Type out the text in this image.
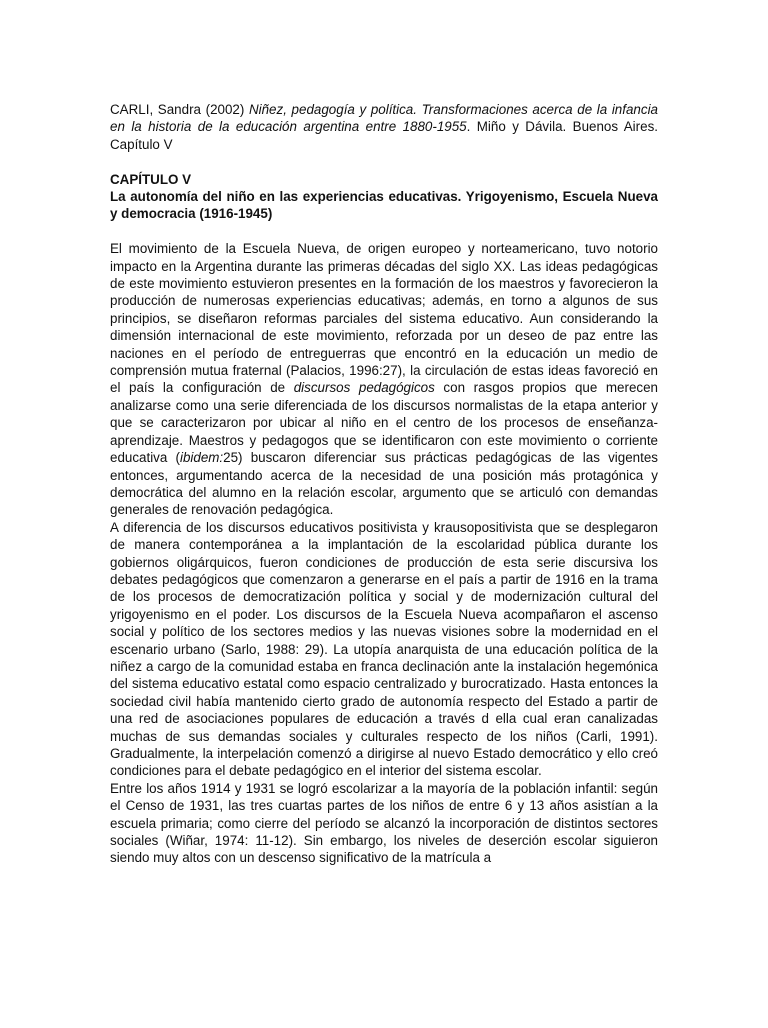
CARLI, Sandra (2002) Niñez, pedagogía y política. Transformaciones acerca de la infancia en la historia de la educación argentina entre 1880-1955. Miño y Dávila. Buenos Aires. Capítulo V

CAPÍTULO V

La autonomía del niño en las experiencias educativas. Yrigoyenismo, Escuela Nueva y democracia (1916-1945)

El movimiento de la Escuela Nueva, de origen europeo y norteamericano, tuvo notorio impacto en la Argentina durante las primeras décadas del siglo XX. Las ideas pedagógicas de este movimiento estuvieron presentes en la formación de los maestros y favorecieron la producción de numerosas experiencias educativas; además, en torno a algunos de sus principios, se diseñaron reformas parciales del sistema educativo. Aun considerando la dimensión internacional de este movimiento, reforzada por un deseo de paz entre las naciones en el período de entreguerras que encontró en la educación un medio de comprensión mutua fraternal (Palacios, 1996:27), la circulación de estas ideas favoreció en el país la configuración de discursos pedagógicos con rasgos propios que merecen analizarse como una serie diferenciada de los discursos normalistas de la etapa anterior y que se caracterizaron por ubicar al niño en el centro de los procesos de enseñanza-aprendizaje. Maestros y pedagogos que se identificaron con este movimiento o corriente educativa (ibidem:25) buscaron diferenciar sus prácticas pedagógicas de las vigentes entonces, argumentando acerca de la necesidad de una posición más protagónica y democrática del alumno en la relación escolar, argumento que se articuló con demandas generales de renovación pedagógica.

A diferencia de los discursos educativos positivista y krausopositivista que se desplegaron de manera contemporánea a la implantación de la escolaridad pública durante los gobiernos oligárquicos, fueron condiciones de producción de esta serie discursiva los debates pedagógicos que comenzaron a generarse en el país a partir de 1916 en la trama de los procesos de democratización política y social y de modernización cultural del yrigoyenismo en el poder. Los discursos de la Escuela Nueva acompañaron el ascenso social y político de los sectores medios y las nuevas visiones sobre la modernidad en el escenario urbano (Sarlo, 1988: 29). La utopía anarquista de una educación política de la niñez a cargo de la comunidad estaba en franca declinación ante la instalación hegemónica del sistema educativo estatal como espacio centralizado y burocratizado. Hasta entonces la sociedad civil había mantenido cierto grado de autonomía respecto del Estado a partir de una red de asociaciones populares de educación a través d ella cual eran canalizadas muchas de sus demandas sociales y culturales respecto de los niños (Carli, 1991). Gradualmente, la interpelación comenzó a dirigirse al nuevo Estado democrático y ello creó condiciones para el debate pedagógico en el interior del sistema escolar.

Entre los años 1914 y 1931 se logró escolarizar a la mayoría de la población infantil: según el Censo de 1931, las tres cuartas partes de los niños de entre 6 y 13 años asistían a la escuela primaria; como cierre del período se alcanzó la incorporación de distintos sectores sociales (Wiñar, 1974: 11-12). Sin embargo, los niveles de deserción escolar siguieron siendo muy altos con un descenso significativo de la matrícula a
